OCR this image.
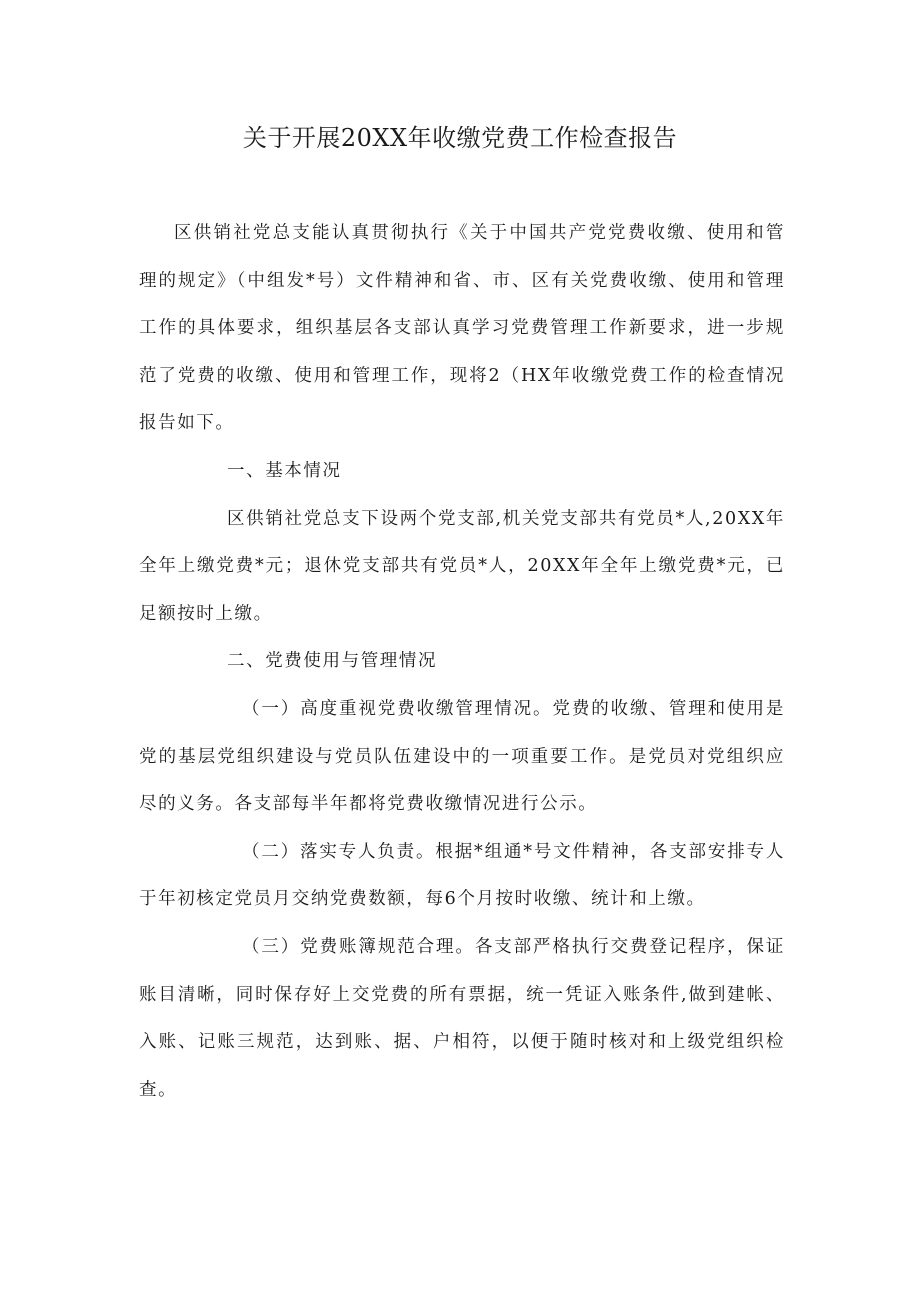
关于开展20XX年收缴党费工作检查报告

区供销社党总支能认真贯彻执行《关于中国共产党党费收缴、使用和管理的规定》（中组发*号）文件精神和省、市、区有关党费收缴、使用和管理工作的具体要求，组织基层各支部认真学习党费管理工作新要求，进一步规范了党费的收缴、使用和管理工作，现将2（HX年收缴党费工作的检查情况报告如下。

一、基本情况

区供销社党总支下设两个党支部,机关党支部共有党员*人,20XX年全年上缴党费*元；退休党支部共有党员*人，20XX年全年上缴党费*元，已足额按时上缴。

二、党费使用与管理情况

（一）高度重视党费收缴管理情况。党费的收缴、管理和使用是党的基层党组织建设与党员队伍建设中的一项重要工作。是党员对党组织应尽的义务。各支部每半年都将党费收缴情况进行公示。

（二）落实专人负责。根据*组通*号文件精神，各支部安排专人于年初核定党员月交纳党费数额，每6个月按时收缴、统计和上缴。

（三）党费账簿规范合理。各支部严格执行交费登记程序，保证账目清晰，同时保存好上交党费的所有票据，统一凭证入账条件,做到建帐、入账、记账三规范，达到账、据、户相符，以便于随时核对和上级党组织检查。
